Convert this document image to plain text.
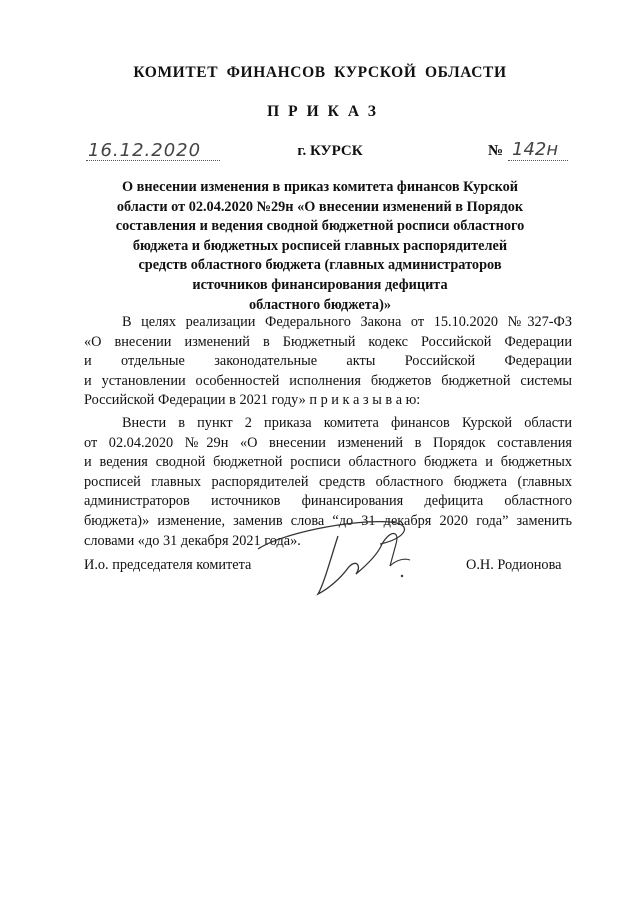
КОМИТЕТ ФИНАНСОВ КУРСКОЙ ОБЛАСТИ
ПРИКАЗ
16.12.2020	г. КУРСК	№ 142н
О внесении изменения в приказ комитета финансов Курской
области от 02.04.2020 №29н «О внесении изменений в Порядок
составления и ведения сводной бюджетной росписи областного
бюджета и бюджетных росписей главных распорядителей
средств областного бюджета (главных администраторов
источников финансирования дефицита
областного бюджета)»
В целях реализации Федерального Закона от 15.10.2020 №327-ФЗ
«О внесении изменений в Бюджетный кодекс Российской Федерации
и отдельные законодательные акты Российской Федерации
и установлении особенностей исполнения бюджетов бюджетной системы
Российской Федерации в 2021 году» п р и к а з ы в а ю:
Внести в пункт 2 приказа комитета финансов Курской области
от 02.04.2020 №29н «О внесении изменений в Порядок составления
и ведения сводной бюджетной росписи областного бюджета и бюджетных
росписей главных распорядителей средств областного бюджета (главных
администраторов источников финансирования дефицита областного
бюджета)» изменение, заменив слова “до 31 декабря 2020 года” заменить
словами «до 31 декабря 2021 года».
И.о. председателя комитета	О.Н. Родионова
